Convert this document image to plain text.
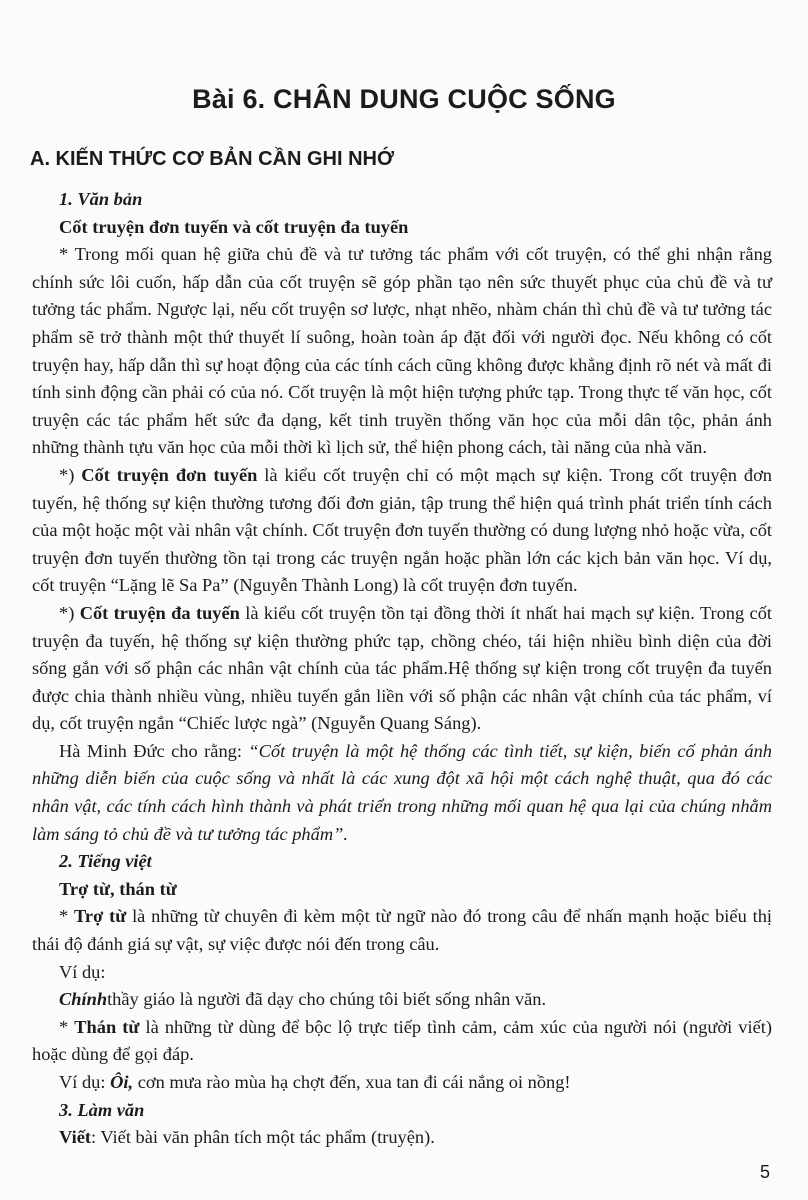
Bài 6. CHÂN DUNG CUỘC SỐNG
A. KIẾN THỨC CƠ BẢN CẦN GHI NHỚ

1. Văn bản

Cốt truyện đơn tuyến và cốt truyện đa tuyến

* Trong mối quan hệ giữa chủ đề và tư tưởng tác phẩm với cốt truyện, có thể ghi nhận rằng chính sức lôi cuốn, hấp dẫn của cốt truyện sẽ góp phần tạo nên sức thuyết phục của chủ đề và tư tưởng tác phẩm. Ngược lại, nếu cốt truyện sơ lược, nhạt nhẽo, nhàm chán thì chủ đề và tư tưởng tác phẩm sẽ trở thành một thứ thuyết lí suông, hoàn toàn áp đặt đối với người đọc. Nếu không có cốt truyện hay, hấp dẫn thì sự hoạt động của các tính cách cũng không được khẳng định rõ nét và mất đi tính sinh động cần phải có của nó. Cốt truyện là một hiện tượng phức tạp. Trong thực tế văn học, cốt truyện các tác phẩm hết sức đa dạng, kết tinh truyền thống văn học của mỗi dân tộc, phản ánh những thành tựu văn học của mỗi thời kì lịch sử, thể hiện phong cách, tài năng của nhà văn.

*) Cốt truyện đơn tuyến là kiểu cốt truyện chỉ có một mạch sự kiện. Trong cốt truyện đơn tuyến, hệ thống sự kiện thường tương đối đơn giản, tập trung thể hiện quá trình phát triển tính cách của một hoặc một vài nhân vật chính. Cốt truyện đơn tuyến thường có dung lượng nhỏ hoặc vừa, cốt truyện đơn tuyến thường tồn tại trong các truyện ngắn hoặc phần lớn các kịch bản văn học. Ví dụ, cốt truyện “Lặng lẽ Sa Pa” (Nguyễn Thành Long) là cốt truyện đơn tuyến.

*) Cốt truyện đa tuyến là kiểu cốt truyện tồn tại đồng thời ít nhất hai mạch sự kiện. Trong cốt truyện đa tuyến, hệ thống sự kiện thường phức tạp, chồng chéo, tái hiện nhiều bình diện của đời sống gắn với số phận các nhân vật chính của tác phẩm.Hệ thống sự kiện trong cốt truyện đa tuyến được chia thành nhiều vùng, nhiều tuyến gắn liền với số phận các nhân vật chính của tác phẩm, ví dụ, cốt truyện ngắn “Chiếc lược ngà” (Nguyễn Quang Sáng).

Hà Minh Đức cho rằng: “Cốt truyện là một hệ thống các tình tiết, sự kiện, biến cố phản ánh những diễn biến của cuộc sống và nhất là các xung đột xã hội một cách nghệ thuật, qua đó các nhân vật, các tính cách hình thành và phát triển trong những mối quan hệ qua lại của chúng nhằm làm sáng tỏ chủ đề và tư tưởng tác phẩm”.

2. Tiếng việt

Trợ từ, thán từ

* Trợ từ là những từ chuyên đi kèm một từ ngữ nào đó trong câu để nhấn mạnh hoặc biểu thị thái độ đánh giá sự vật, sự việc được nói đến trong câu.

Ví dụ:

Chínhthầy giáo là người đã dạy cho chúng tôi biết sống nhân văn.

* Thán từ là những từ dùng để bộc lộ trực tiếp tình cảm, cảm xúc của người nói (người viết) hoặc dùng để gọi đáp.

Ví dụ: Ôi, cơn mưa rào mùa hạ chợt đến, xua tan đi cái nắng oi nồng!

3. Làm văn

Viết: Viết bài văn phân tích một tác phẩm (truyện).

5
